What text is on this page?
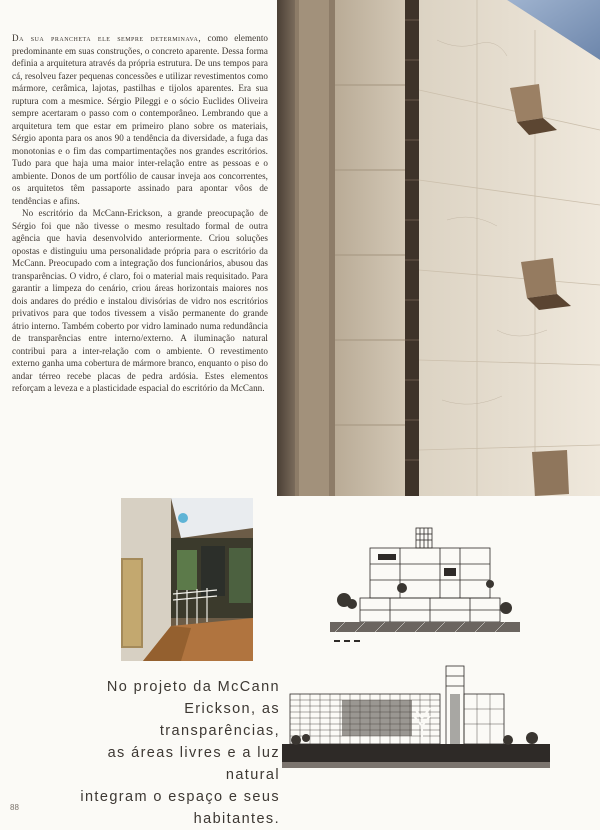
Da sua prancheta ele sempre determinava, como elemento predominante em suas construções, o concreto aparente. Dessa forma definia a arquitetura através da própria estrutura. De uns tempos para cá, resolveu fazer pequenas concessões e utilizar revestimentos como mármore, cerâmica, lajotas, pastilhas e tijolos aparentes. Era sua ruptura com a mesmice. Sérgio Pileggi e o sócio Euclides Oliveira sempre acertaram o passo com o contemporâneo. Lembrando que a arquitetura tem que estar em primeiro plano sobre os materiais, Sérgio aponta para os anos 90 a tendência da diversidade, a fuga das monotonias e o fim das compartimentações nos grandes escritórios. Tudo para que haja uma maior inter-relação entre as pessoas e o ambiente. Donos de um portfólio de causar inveja aos concorrentes, os arquitetos têm passaporte assinado para apontar vôos de tendências e afins.

No escritório da McCann-Erickson, a grande preocupação de Sérgio foi que não tivesse o mesmo resultado formal de outra agência que havia desenvolvido anteriormente. Criou soluções opostas e distinguiu uma personalidade própria para o escritório da McCann. Preocupado com a integração dos funcionários, abusou das transparências. O vidro, é claro, foi o material mais requisitado. Para garantir a limpeza do cenário, criou áreas horizontais maiores nos dois andares do prédio e instalou divisórias de vidro nos escritórios privativos para que todos tivessem a visão permanente do grande átrio interno. Também coberto por vidro laminado numa redundância de transparências entre interno/externo. A iluminação natural contribui para a inter-relação com o ambiente. O revestimento externo ganha uma cobertura de mármore branco, enquanto o piso do andar térreo recebe placas de pedra ardósia. Estes elementos reforçam a leveza e a plasticidade espacial do escritório da McCann.

No projeto da McCann

Erickson, as transparências,

as áreas livres e a luz natural

integram o espaço e seus

habitantes.

88
